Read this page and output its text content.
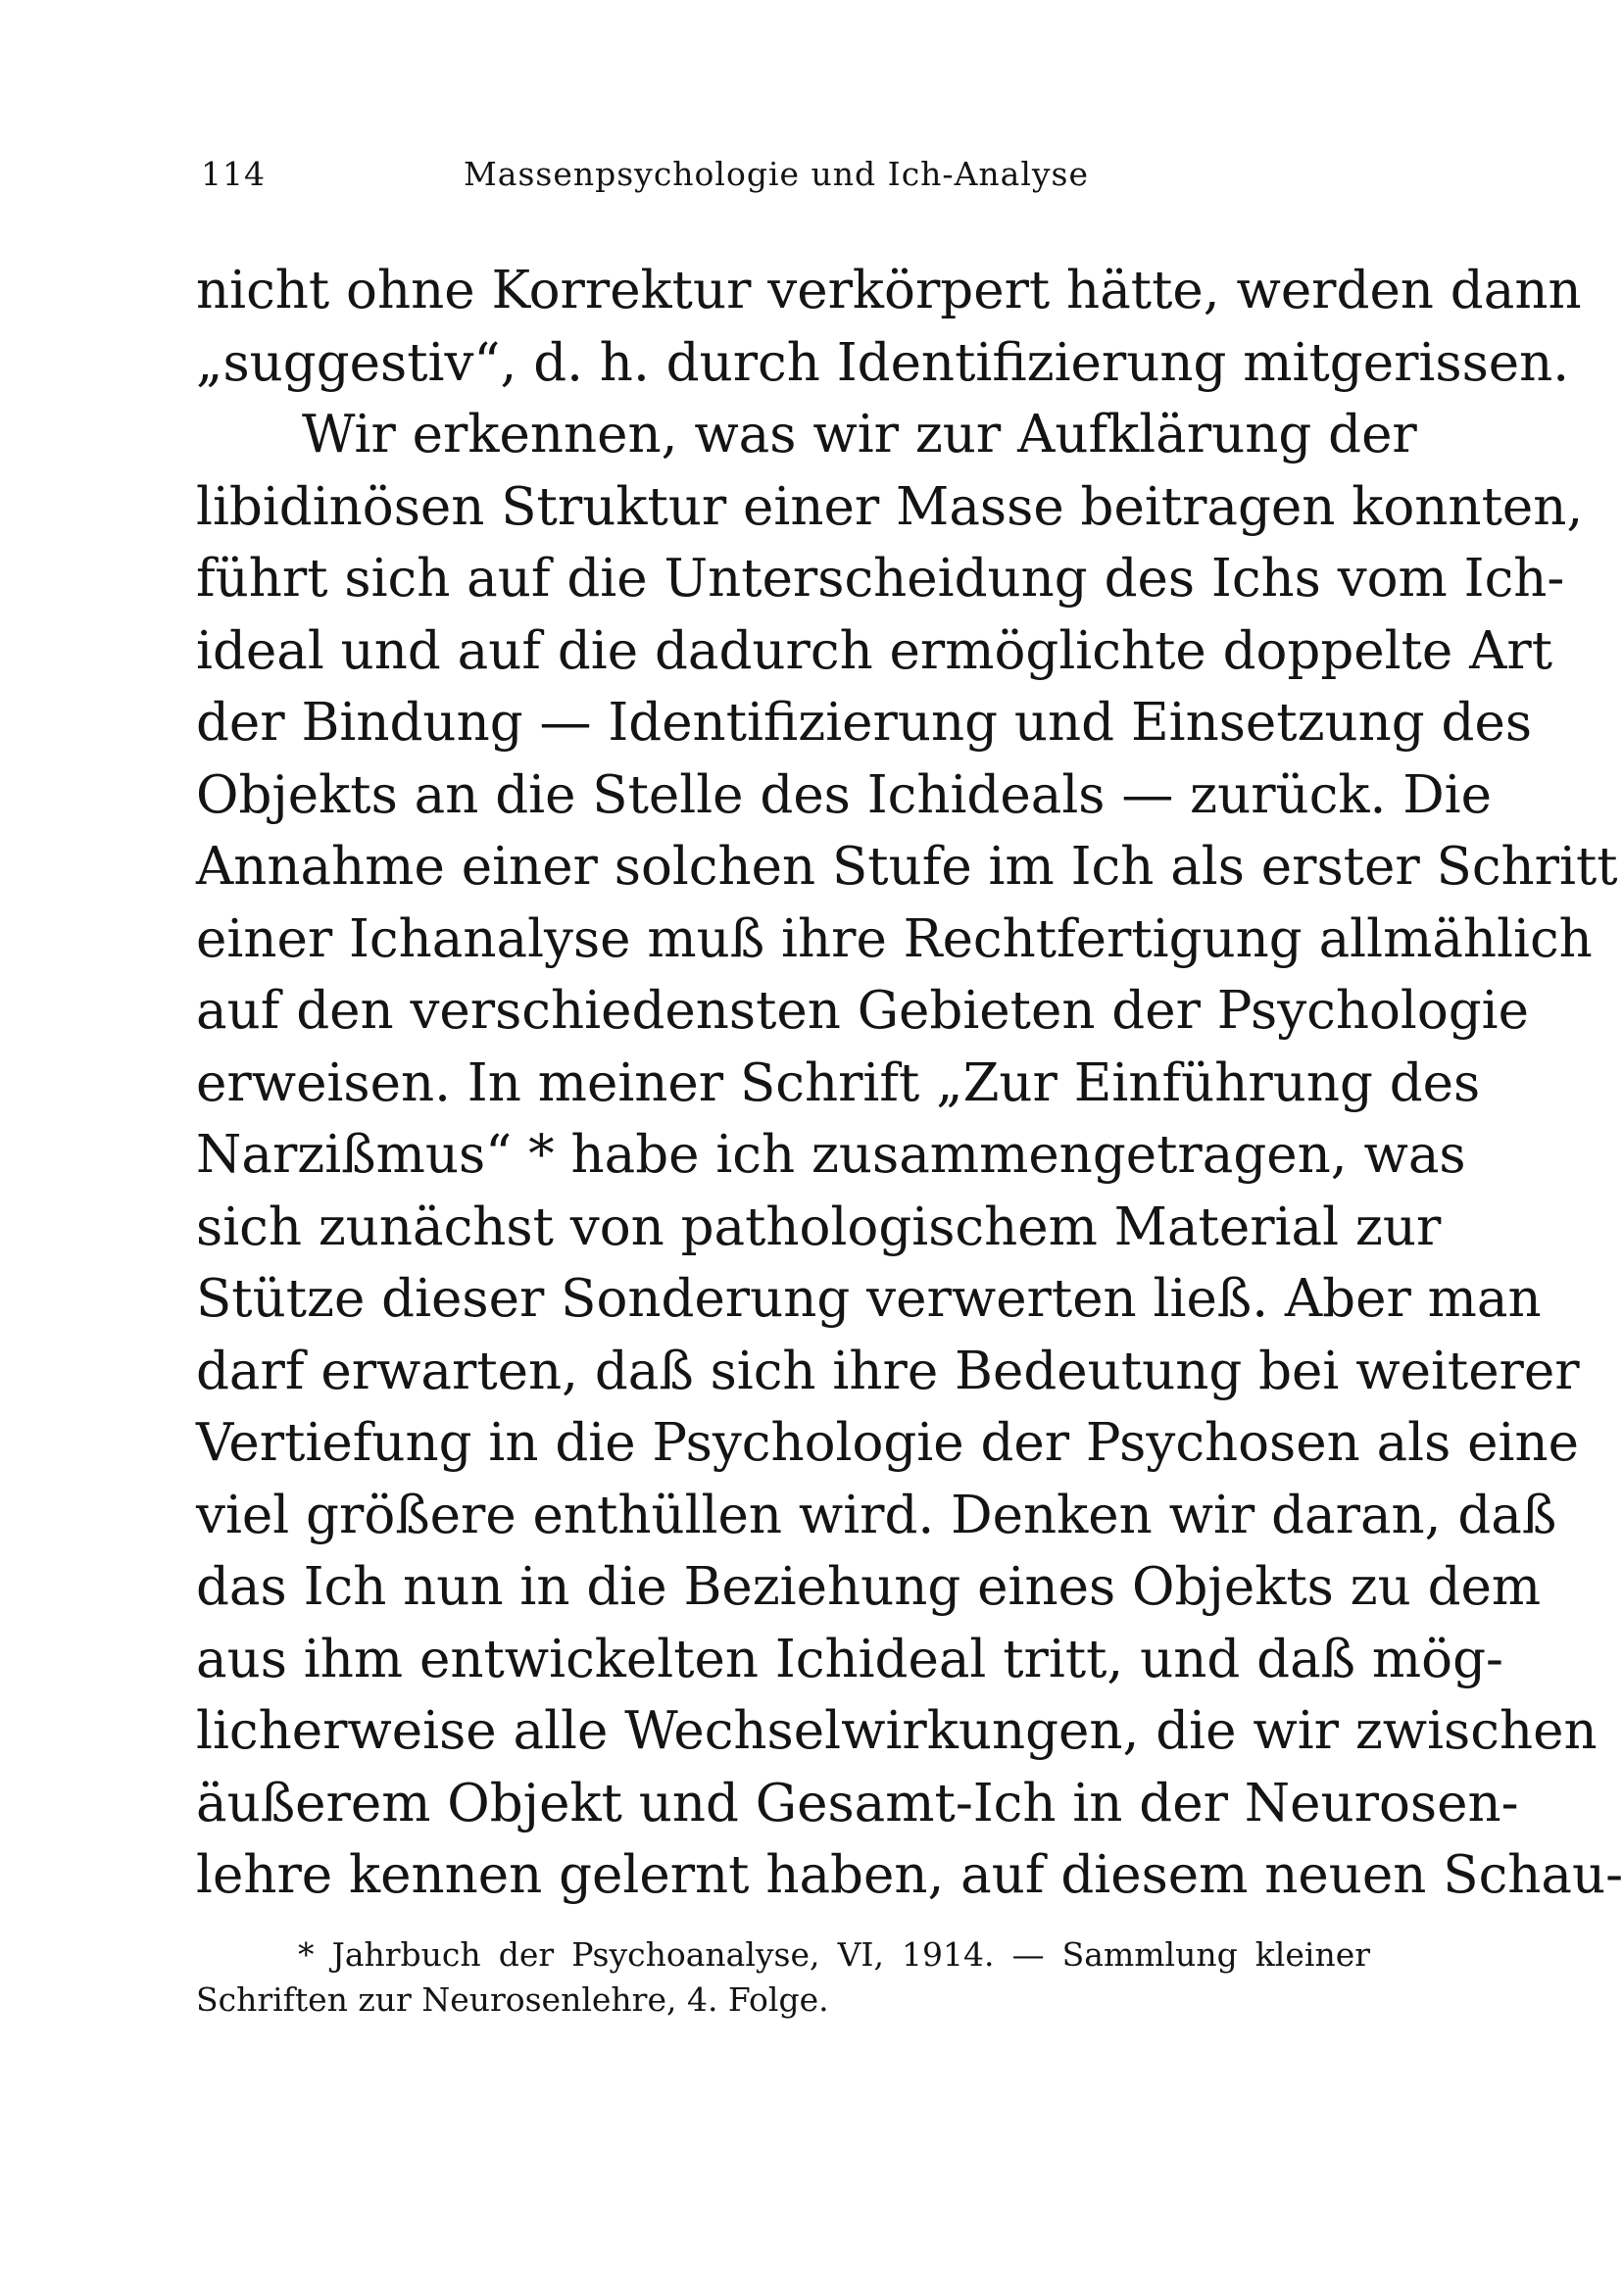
114	Massenpsychologie und Ich-Analyse
nicht ohne Korrektur verkörpert hätte, werden dann
„suggestiv“, d. h. durch Identifizierung mitgerissen.
Wir erkennen, was wir zur Aufklärung der
libidinösen Struktur einer Masse beitragen konnten,
führt sich auf die Unterscheidung des Ichs vom Ich-
ideal und auf die dadurch ermöglichte doppelte Art
der Bindung — Identifizierung und Einsetzung des
Objekts an die Stelle des Ichideals — zurück. Die
Annahme einer solchen Stufe im Ich als erster Schritt
einer Ichanalyse muß ihre Rechtfertigung allmählich
auf den verschiedensten Gebieten der Psychologie
erweisen. In meiner Schrift „Zur Einführung des
Narzißmus“ * habe ich zusammengetragen, was
sich zunächst von pathologischem Material zur
Stütze dieser Sonderung verwerten ließ. Aber man
darf erwarten, daß sich ihre Bedeutung bei weiterer
Vertiefung in die Psychologie der Psychosen als eine
viel größere enthüllen wird. Denken wir daran, daß
das Ich nun in die Beziehung eines Objekts zu dem
aus ihm entwickelten Ichideal tritt, und daß mög-
licherweise alle Wechselwirkungen, die wir zwischen
äußerem Objekt und Gesamt-Ich in der Neurosen-
lehre kennen gelernt haben, auf diesem neuen Schau-
* Jahrbuch der Psychoanalyse, VI, 1914. — Sammlung kleiner
Schriften zur Neurosenlehre, 4. Folge.
